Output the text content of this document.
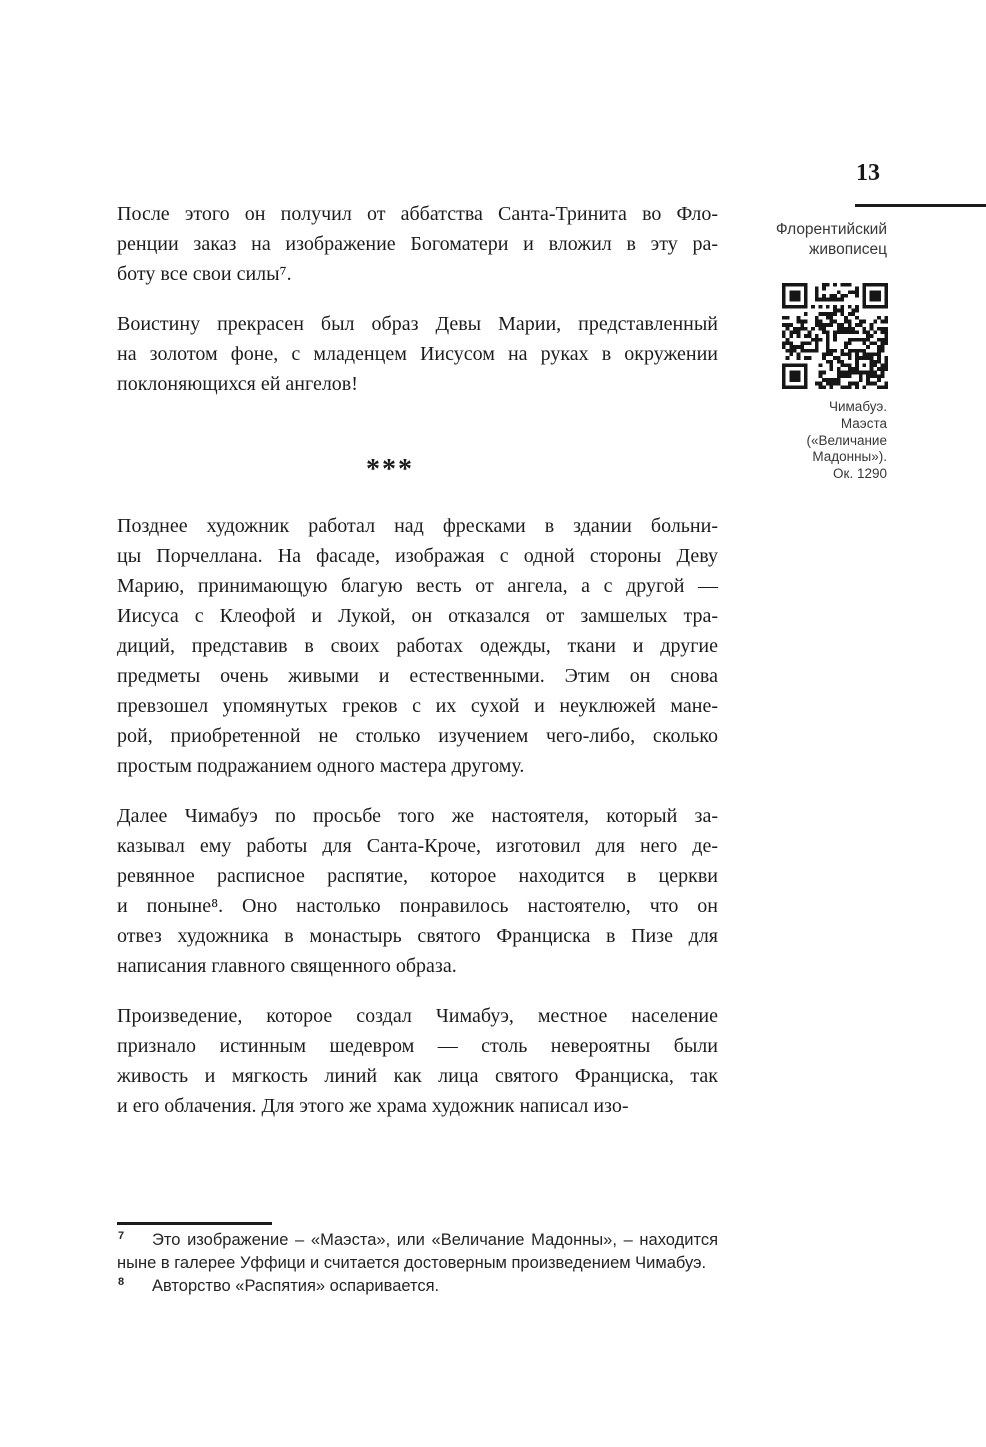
13
Флорентийский
живописец
Чимабуэ.
Маэста
(«Величание
Мадонны»).
Ок. 1290
После этого он получил от аббатства Санта-Тринита во Фло-
ренции заказ на изображение Богоматери и вложил в эту ра-
боту все свои силы⁷.
Воистину прекрасен был образ Девы Марии, представленный
на золотом фоне, с младенцем Иисусом на руках в окружении
поклоняющихся ей ангелов!
***
Позднее художник работал над фресками в здании больни-
цы Порчеллана. На фасаде, изображая с одной стороны Деву
Марию, принимающую благую весть от ангела, а с другой —
Иисуса с Клеофой и Лукой, он отказался от замшелых тра-
диций, представив в своих работах одежды, ткани и другие
предметы очень живыми и естественными. Этим он снова
превзошел упомянутых греков с их сухой и неуклюжей мане-
рой, приобретенной не столько изучением чего-либо, сколько
простым подражанием одного мастера другому.
Далее Чимабуэ по просьбе того же настоятеля, который за-
казывал ему работы для Санта-Кроче, изготовил для него де-
ревянное расписное распятие, которое находится в церкви
и поныне⁸. Оно настолько понравилось настоятелю, что он
отвез художника в монастырь святого Франциска в Пизе для
написания главного священного образа.
Произведение, которое создал Чимабуэ, местное население
признало истинным шедевром — столь невероятны были
живость и мягкость линий как лица святого Франциска, так
и его облачения. Для этого же храма художник написал изо-
7	Это изображение – «Маэста», или «Величание Мадонны», – находится
ныне в галерее Уффици и считается достоверным произведением Чимабуэ.
8	Авторство «Распятия» оспаривается.
